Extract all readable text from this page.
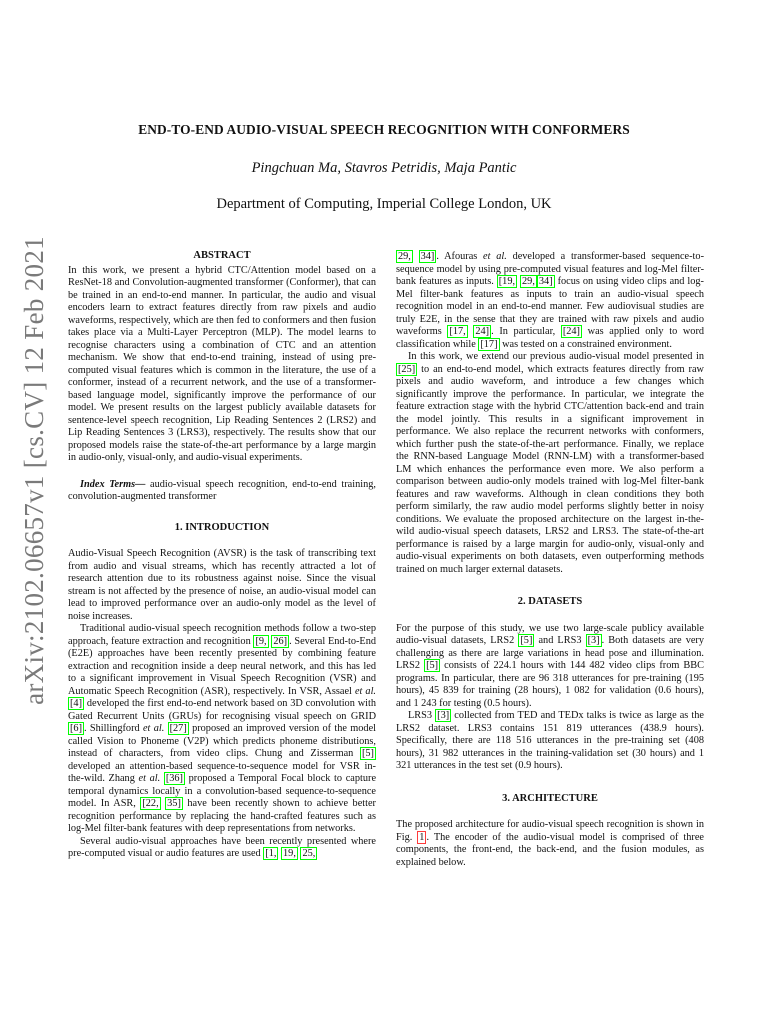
arXiv:2102.06657v1 [cs.CV] 12 Feb 2021
END-TO-END AUDIO-VISUAL SPEECH RECOGNITION WITH CONFORMERS
Pingchuan Ma, Stavros Petridis, Maja Pantic
Department of Computing, Imperial College London, UK
ABSTRACT

In this work, we present a hybrid CTC/Attention model based on a ResNet-18 and Convolution-augmented transformer (Conformer), that can be trained in an end-to-end manner. In particular, the audio and visual encoders learn to extract features directly from raw pixels and audio waveforms, respectively, which are then fed to conformers and then fusion takes place via a Multi-Layer Perceptron (MLP). The model learns to recognise characters using a combination of CTC and an attention mechanism. We show that end-to-end training, instead of using pre-computed visual features which is common in the literature, the use of a conformer, instead of a recurrent network, and the use of a transformer-based language model, significantly improve the performance of our model. We present results on the largest publicly available datasets for sentence-level speech recognition, Lip Reading Sentences 2 (LRS2) and Lip Reading Sentences 3 (LRS3), respectively. The results show that our proposed models raise the state-of-the-art performance by a large margin in audio-only, visual-only, and audio-visual experiments.

Index Terms— audio-visual speech recognition, end-to-end training, convolution-augmented transformer

1. INTRODUCTION

Audio-Visual Speech Recognition (AVSR) is the task of transcribing text from audio and visual streams, which has recently attracted a lot of research attention due to its robustness against noise. Since the visual stream is not affected by the presence of noise, an audio-visual model can lead to improved performance over an audio-only model as the level of noise increases.

Traditional audio-visual speech recognition methods follow a two-step approach, feature extraction and recognition [9, 26] . Several End-to-End (E2E) approaches have been recently presented by combining feature extraction and recognition inside a deep neural network, and this has led to a significant improvement in Visual Speech Recognition (VSR) and Automatic Speech Recognition (ASR), respectively. In VSR, Assael et al. [4] developed the first end-to-end network based on 3D convolution with Gated Recurrent Units (GRUs) for recognising visual speech on GRID [6] . Shillingford et al. [27] proposed an improved version of the model called Vision to Phoneme (V2P) which predicts phoneme distributions, instead of characters, from video clips. Chung and Zisserman [5] developed an attention-based sequence-to-sequence model for VSR in-the-wild. Zhang et al. [36] proposed a Temporal Focal block to capture temporal dynamics locally in a convolution-based sequence-to-sequence model. In ASR, [22, 35] have been recently shown to achieve better recognition performance by replacing the hand-crafted features such as log-Mel filter-bank features with deep representations from networks.

Several audio-visual approaches have been recently presented where pre-computed visual or audio features are used [1, 19, 25,

29, 34] . Afouras et al. developed a transformer-based sequence-to-sequence model by using pre-computed visual features and log-Mel filter-bank features as inputs. [19, 29, 34] focus on using video clips and log-Mel filter-bank features as inputs to train an audio-visual speech recognition model in an end-to-end manner. Few audiovisual studies are truly E2E, in the sense that they are trained with raw pixels and audio waveforms [17, 24] . In particular, [24] was applied only to word classification while [17] was tested on a constrained environment.

In this work, we extend our previous audio-visual model presented in [25] to an end-to-end model, which extracts features directly from raw pixels and audio waveform, and introduce a few changes which significantly improve the performance. In particular, we integrate the feature extraction stage with the hybrid CTC/attention back-end and train the model jointly. This results in a significant improvement in performance. We also replace the recurrent networks with conformers, which further push the state-of-the-art performance. Finally, we replace the RNN-based Language Model (RNN-LM) with a transformer-based LM which enhances the performance even more. We also perform a comparison between audio-only models trained with log-Mel filter-bank features and raw waveforms. Although in clean conditions they both perform similarly, the raw audio model performs slightly better in noisy conditions. We evaluate the proposed architecture on the largest in-the-wild audio-visual speech datasets, LRS2 and LRS3. The state-of-the-art performance is raised by a large margin for audio-only, visual-only and audio-visual experiments on both datasets, even outperforming methods trained on much larger external datasets.

2. DATASETS

For the purpose of this study, we use two large-scale publicy available audio-visual datasets, LRS2 [5] and LRS3 [3] . Both datasets are very challenging as there are large variations in head pose and illumination. LRS2 [5] consists of 224.1 hours with 144 482 video clips from BBC programs. In particular, there are 96 318 utterances for pre-training (195 hours), 45 839 for training (28 hours), 1 082 for validation (0.6 hours), and 1 243 for testing (0.5 hours).

LRS3 [3] collected from TED and TEDx talks is twice as large as the LRS2 dataset. LRS3 contains 151 819 utterances (438.9 hours). Specifically, there are 118 516 utterances in the pre-training set (408 hours), 31 982 utterances in the training-validation set (30 hours) and 1 321 utterances in the test set (0.9 hours).

3. ARCHITECTURE

The proposed architecture for audio-visual speech recognition is shown in Fig. 1 . The encoder of the audio-visual model is comprised of three components, the front-end, the back-end, and the fusion modules, as explained below.
